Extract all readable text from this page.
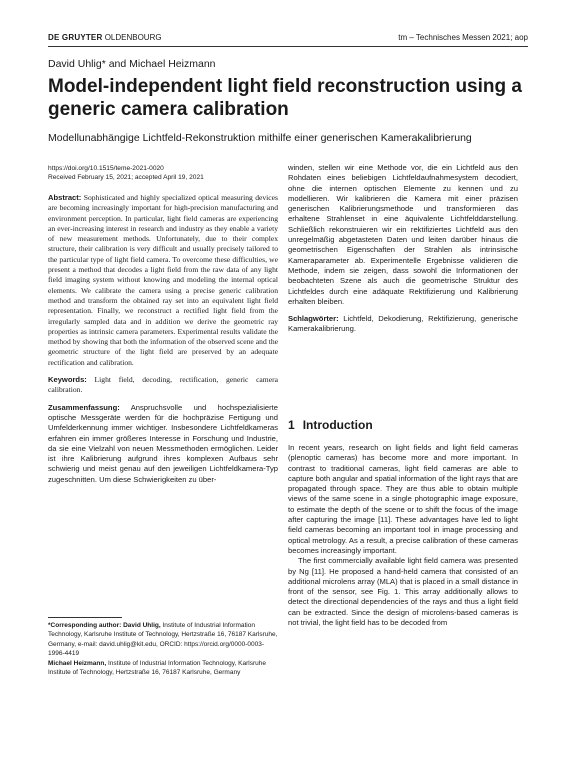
DE GRUYTER OLDENBOURG	tm – Technisches Messen 2021; aop
David Uhlig* and Michael Heizmann
Model-independent light field reconstruction using a generic camera calibration
Modellunabhängige Lichtfeld-Rekonstruktion mithilfe einer generischen Kamerakalibrierung
https://doi.org/10.1515/teme-2021-0020
Received February 15, 2021; accepted April 19, 2021

Abstract: Sophisticated and highly specialized optical measuring devices are becoming increasingly important for high-precision manufacturing and environment perception. In particular, light field cameras are experiencing an ever-increasing interest in research and industry as they enable a variety of new measurement methods. Unfortunately, due to their complex structure, their calibration is very difficult and usually precisely tailored to the particular type of light field camera. To overcome these difficulties, we present a method that decodes a light field from the raw data of any light field imaging system without knowing and modeling the internal optical elements. We calibrate the camera using a precise generic calibration method and transform the obtained ray set into an equivalent light field representation. Finally, we reconstruct a rectified light field from the irregularly sampled data and in addition we derive the geometric ray properties as intrinsic camera parameters. Experimental results validate the method by showing that both the information of the observed scene and the geometric structure of the light field are preserved by an adequate rectification and calibration.

Keywords: Light field, decoding, rectification, generic camera calibration.

Zusammenfassung: Anspruchsvolle und hochspezialisierte optische Messgeräte werden für die hochpräzise Fertigung und Umfelderkennung immer wichtiger. Insbesondere Lichtfeldkameras erfahren ein immer größeres Interesse in Forschung und Industrie, da sie eine Vielzahl von neuen Messmethoden ermöglichen. Leider ist ihre Kalibrierung aufgrund ihres komplexen Aufbaus sehr schwierig und meist genau auf den jeweiligen Lichtfeldkamera-Typ zugeschnitten. Um diese Schwierigkeiten zu über-

winden, stellen wir eine Methode vor, die ein Lichtfeld aus den Rohdaten eines beliebigen Lichtfeldaufnahmesystem decodiert, ohne die internen optischen Elemente zu kennen und zu modellieren. Wir kalibrieren die Kamera mit einer präzisen generischen Kalibrierungsmethode und transformieren das erhaltene Strahlenset in eine äquivalente Lichtfelddarstellung. Schließlich rekonstruieren wir ein rektifiziertes Lichtfeld aus den unregelmäßig abgetasteten Daten und leiten darüber hinaus die geometrischen Eigenschaften der Strahlen als intrinsische Kameraparameter ab. Experimentelle Ergebnisse validieren die Methode, indem sie zeigen, dass sowohl die Informationen der beobachteten Szene als auch die geometrische Struktur des Lichtfeldes durch eine adäquate Rektifizierung und Kalibrierung erhalten bleiben.

Schlagwörter: Lichtfeld, Dekodierung, Rektifizierung, generische Kamerakalibrierung.

1 Introduction

In recent years, research on light fields and light field cameras (plenoptic cameras) has become more and more important. In contrast to traditional cameras, light field cameras are able to capture both angular and spatial information of the light rays that are propagated through space. They are thus able to obtain multiple views of the same scene in a single photographic image exposure, to estimate the depth of the scene or to shift the focus of the image after capturing the image [11]. These advantages have led to light field cameras becoming an important tool in image processing and optical metrology. As a result, a precise calibration of these cameras becomes increasingly important.

The first commercially available light field camera was presented by Ng [11]. He proposed a hand-held camera that consisted of an additional microlens array (MLA) that is placed in a small distance in front of the sensor, see Fig. 1. This array additionally allows to detect the directional dependencies of the rays and thus a light field can be extracted. Since the design of microlens-based cameras is not trivial, the light field has to be decoded from

*Corresponding author: David Uhlig, Institute of Industrial Information Technology, Karlsruhe Institute of Technology, Hertzstraße 16, 76187 Karlsruhe, Germany, e-mail: david.uhlig@kit.edu, ORCID: https://orcid.org/0000-0003-1996-4419

Michael Heizmann, Institute of Industrial Information Technology, Karlsruhe Institute of Technology, Hertzstraße 16, 76187 Karlsruhe, Germany
